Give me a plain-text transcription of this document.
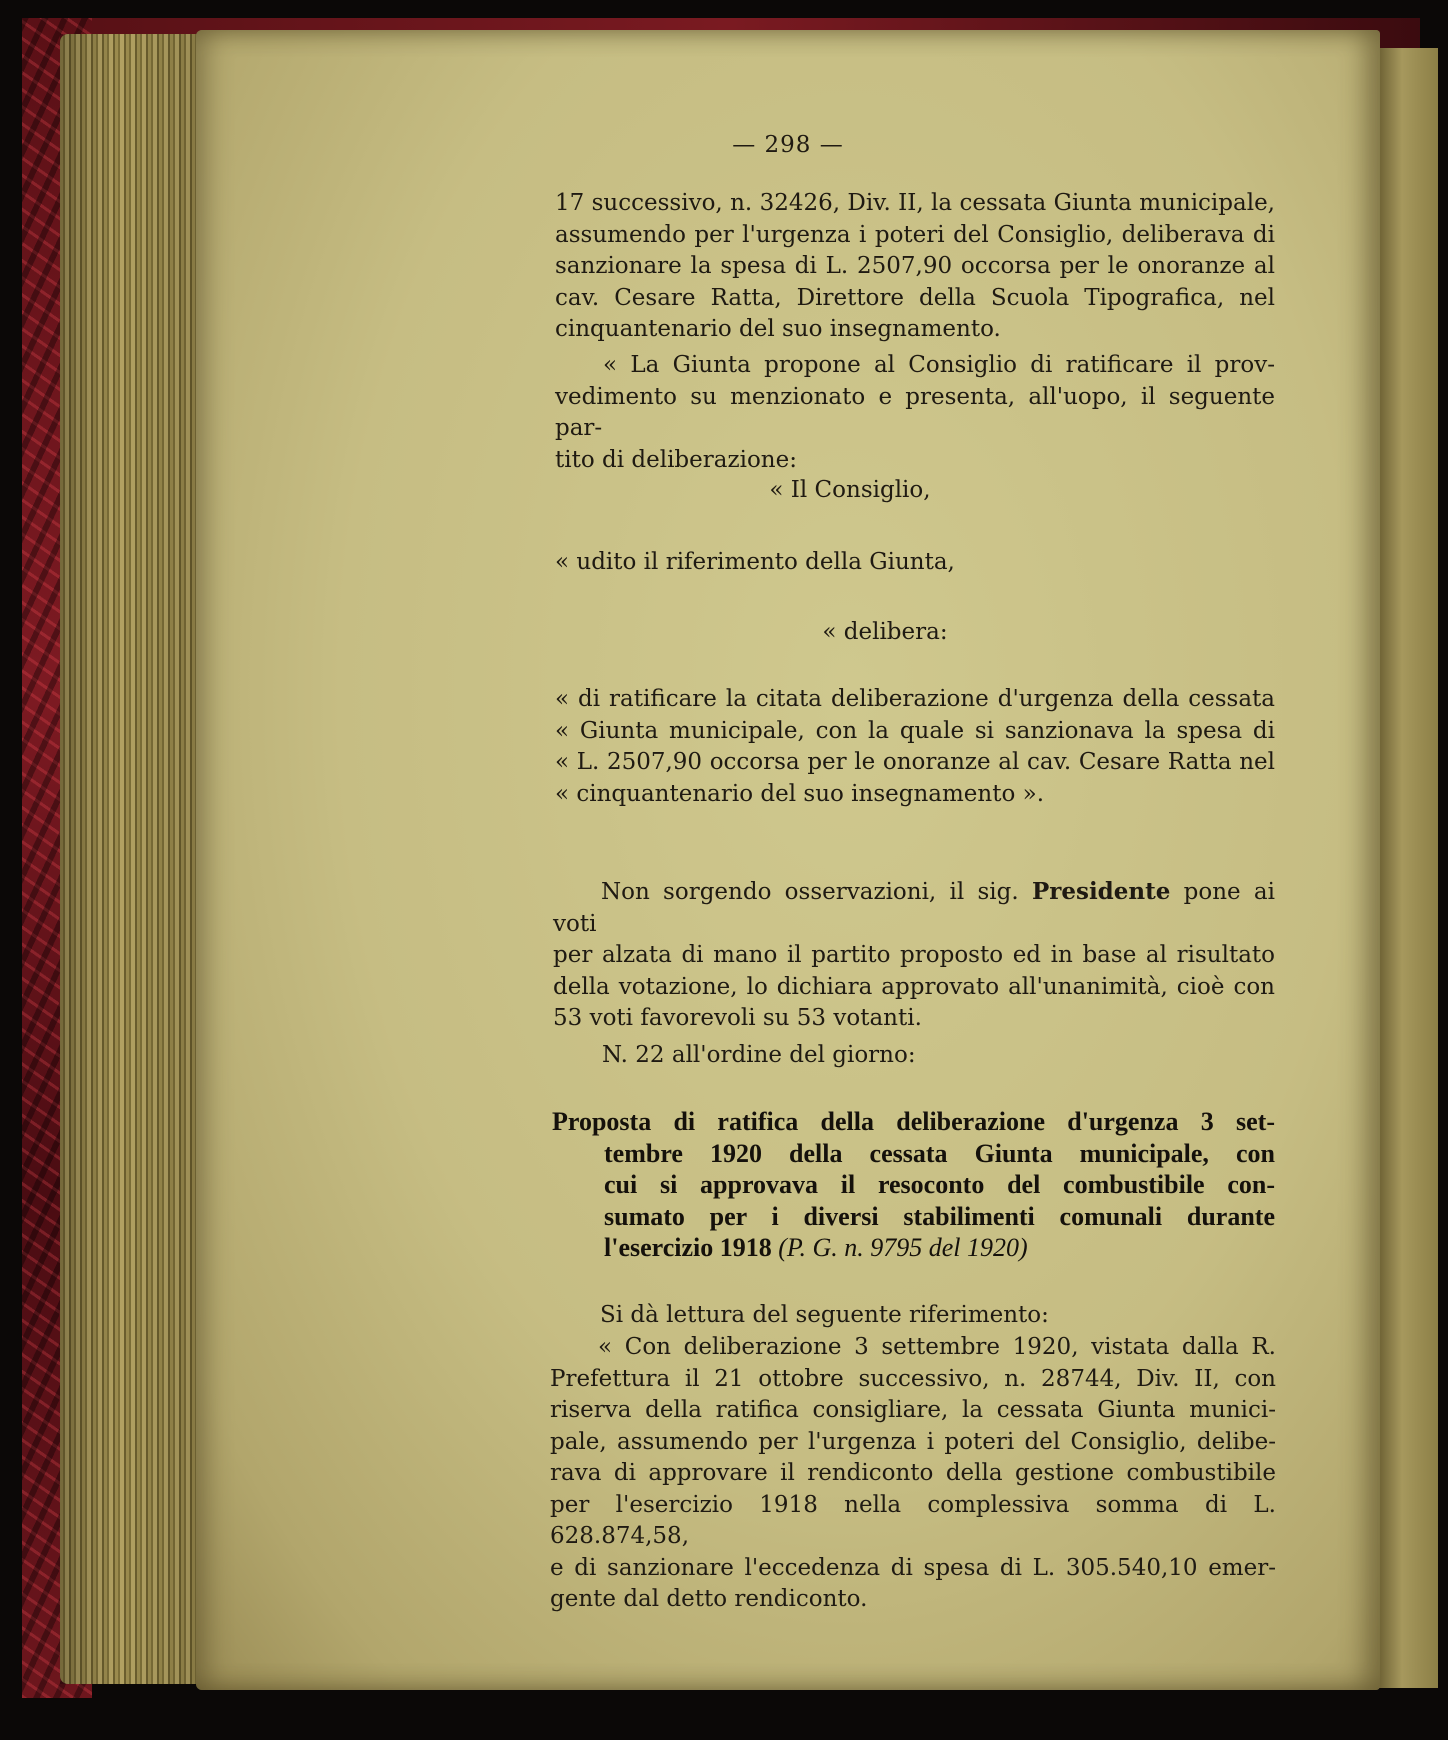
— 298 —

17 successivo, n. 32426, Div. II, la cessata Giunta municipale,
assumendo per l'urgenza i poteri del Consiglio, deliberava di
sanzionare la spesa di L. 2507,90 occorsa per le onoranze al
cav. Cesare Ratta, Direttore della Scuola Tipografica, nel
cinquantenario del suo insegnamento.

« La Giunta propone al Consiglio di ratificare il prov-
vedimento su menzionato e presenta, all'uopo, il seguente par-
tito di deliberazione:

« Il Consiglio,

« udito il riferimento della Giunta,

« delibera:

« di ratificare la citata deliberazione d'urgenza della cessata
« Giunta municipale, con la quale si sanzionava la spesa di
« L. 2507,90 occorsa per le onoranze al cav. Cesare Ratta nel
« cinquantenario del suo insegnamento ».

Non sorgendo osservazioni, il sig. Presidente pone ai voti
per alzata di mano il partito proposto ed in base al risultato
della votazione, lo dichiara approvato all'unanimità, cioè con
53 voti favorevoli su 53 votanti.

N. 22 all'ordine del giorno:

Proposta di ratifica della deliberazione d'urgenza 3 set-
tembre 1920 della cessata Giunta municipale, con
cui si approvava il resoconto del combustibile con-
sumato per i diversi stabilimenti comunali durante
l'esercizio 1918 (P. G. n. 9795 del 1920)

Si dà lettura del seguente riferimento:

« Con deliberazione 3 settembre 1920, vistata dalla R.
Prefettura il 21 ottobre successivo, n. 28744, Div. II, con
riserva della ratifica consigliare, la cessata Giunta munici-
pale, assumendo per l'urgenza i poteri del Consiglio, delibe-
rava di approvare il rendiconto della gestione combustibile
per l'esercizio 1918 nella complessiva somma di L. 628.874,58,
e di sanzionare l'eccedenza di spesa di L. 305.540,10 emer-
gente dal detto rendiconto.
